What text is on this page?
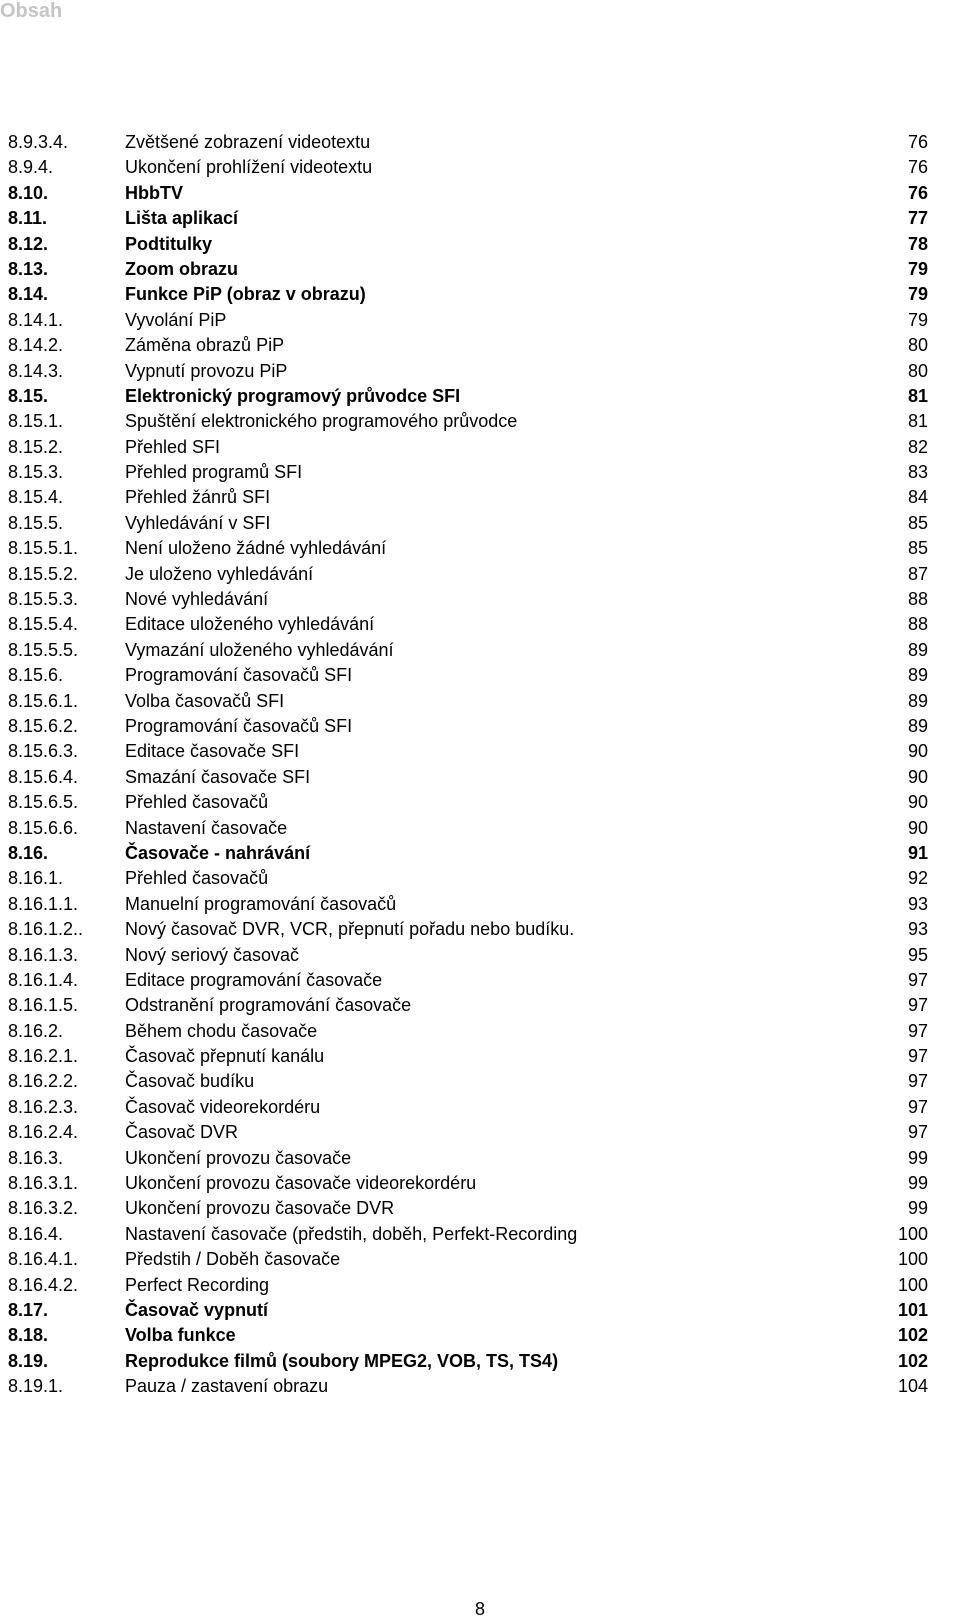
Obsah
8.9.3.4.	Zvětšené zobrazení videotextu	76
8.9.4.	Ukončení prohlížení videotextu	76
8.10.	HbbTV	76
8.11.	Lišta aplikací	77
8.12.	Podtitulky	78
8.13.	Zoom obrazu	79
8.14.	Funkce PiP (obraz v obrazu)	79
8.14.1.	Vyvolání PiP	79
8.14.2.	Záměna obrazů PiP	80
8.14.3.	Vypnutí provozu PiP	80
8.15.	Elektronický programový průvodce SFI	81
8.15.1.	Spuštění elektronického programového průvodce	81
8.15.2.	Přehled SFI	82
8.15.3.	Přehled programů SFI	83
8.15.4.	Přehled žánrů SFI	84
8.15.5.	Vyhledávání v SFI	85
8.15.5.1.	Není uloženo žádné vyhledávání	85
8.15.5.2.	Je uloženo vyhledávání	87
8.15.5.3.	Nové vyhledávání	88
8.15.5.4.	Editace uloženého vyhledávání	88
8.15.5.5.	Vymazání uloženého vyhledávání	89
8.15.6.	Programování časovačů SFI	89
8.15.6.1.	Volba časovačů SFI	89
8.15.6.2.	Programování časovačů SFI	89
8.15.6.3.	Editace časovače SFI	90
8.15.6.4.	Smazání časovače SFI	90
8.15.6.5.	Přehled časovačů	90
8.15.6.6.	Nastavení časovače	90
8.16.	Časovače - nahrávání	91
8.16.1.	Přehled časovačů	92
8.16.1.1.	Manuelní programování časovačů	93
8.16.1.2.. Nový časovač DVR, VCR, přepnutí pořadu nebo budíku.	93
8.16.1.3.	Nový seriový časovač	95
8.16.1.4.	Editace programování časovače	97
8.16.1.5.	Odstranění programování časovače	97
8.16.2.	Během chodu časovače	97
8.16.2.1.	Časovač přepnutí kanálu	97
8.16.2.2.	Časovač budíku	97
8.16.2.3.	Časovač videorekordéru	97
8.16.2.4.	Časovač DVR	97
8.16.3.	Ukončení provozu časovače	99
8.16.3.1.	Ukončení provozu časovače videorekordéru	99
8.16.3.2.	Ukončení provozu časovače DVR	99
8.16.4.	Nastavení časovače (předstih, doběh, Perfekt-Recording	100
8.16.4.1.	Předstih / Doběh časovače	100
8.16.4.2.	Perfect Recording	100
8.17.	Časovač vypnutí	101
8.18.	Volba funkce	102
8.19.	Reprodukce filmů (soubory MPEG2, VOB, TS, TS4)	102
8.19.1.	Pauza / zastavení obrazu	104
8
